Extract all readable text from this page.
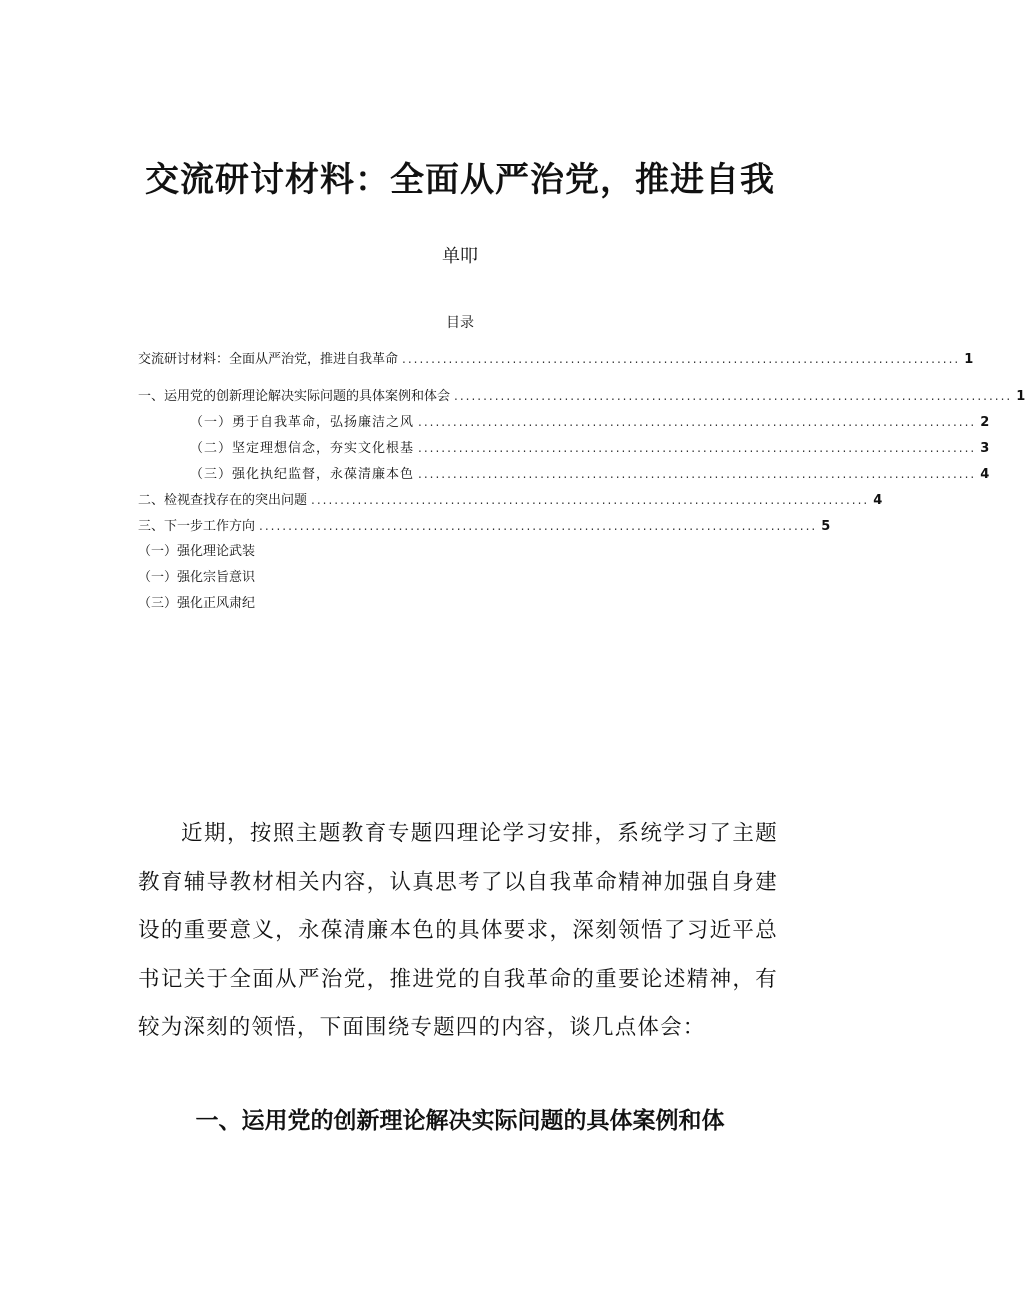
交流研讨材料：全面从严治党，推进自我
单叩
目录
交流研讨材料：全面从严治党，推进自我革命 ................................................................................................ 1
一、运用党的创新理论解决实际问题的具体案例和体会 ................................................................................................ 1
（一）勇于自我革命，弘扬廉洁之风 ................................................................................................ 2
（二）坚定理想信念，夯实文化根基 ................................................................................................ 3
（三）强化执纪监督，永葆清廉本色 ................................................................................................ 4
二、检视查找存在的突出问题 ................................................................................................ 4
三、下一步工作方向 ................................................................................................ 5
（一）强化理论武装
（一）强化宗旨意识
（三）强化正风肃纪

近期，按照主题教育专题四理论学习安排，系统学习了主题教育辅导教材相关内容，认真思考了以自我革命精神加强自身建设的重要意义，永葆清廉本色的具体要求，深刻领悟了习近平总书记关于全面从严治党，推进党的自我革命的重要论述精神，有较为深刻的领悟，下面围绕专题四的内容，谈几点体会：

一、运用党的创新理论解决实际问题的具体案例和体
